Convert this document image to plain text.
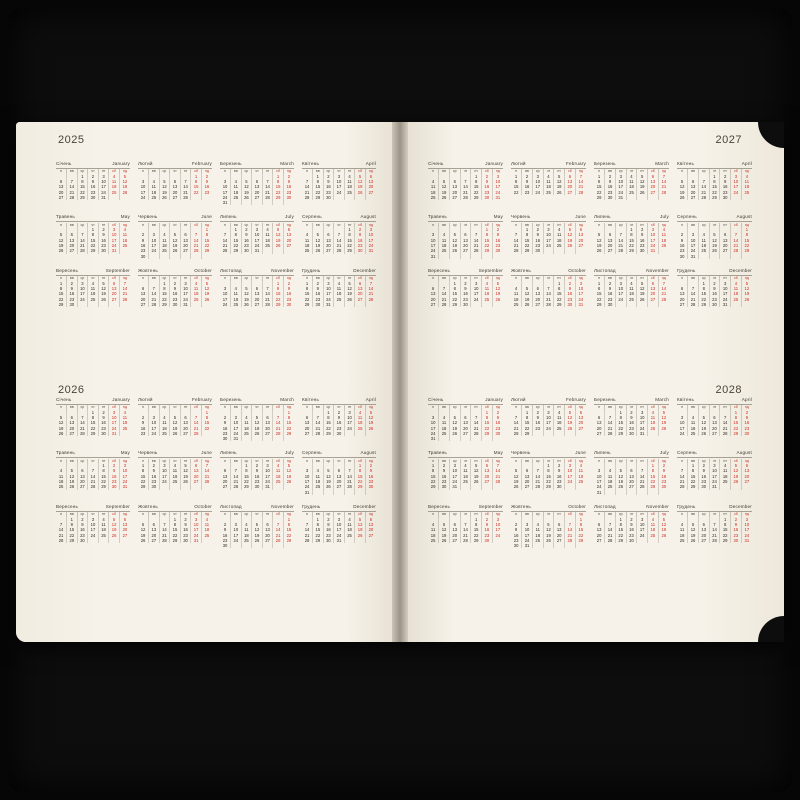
2025
Січень	January
п	вв	ср	чт	пт	сб	нд
		1	2	3	4	5
6	7	8	9	10	11	12
13	14	15	16	17	18	19
20	21	22	23	24	25	26
27	28	29	30	31		
Лютий	February
п	вв	ср	чт	пт	сб	нд
					1	2
3	4	5	6	7	8	9
10	11	12	13	14	15	16
17	18	19	20	21	22	23
24	25	26	27	28		
Березень	March
п	вв	ср	чт	пт	сб	нд
					1	2
3	4	5	6	7	8	9
10	11	12	13	14	15	16
17	18	19	20	21	22	23
24	25	26	27	28	29	30
31						
Квітень	April
п	вв	ср	чт	пт	сб	нд
	1	2	3	4	5	6
7	8	9	10	11	12	13
14	15	16	17	18	19	20
21	22	23	24	25	26	27
28	29	30				
Травень	May
п	вв	ср	чт	пт	сб	нд
			1	2	3	4
5	6	7	8	9	10	11
12	13	14	15	16	17	18
19	20	21	22	23	24	25
26	27	28	29	30	31	
Червень	June
п	вв	ср	чт	пт	сб	нд
						1
2	3	4	5	6	7	8
9	10	11	12	13	14	15
16	17	18	19	20	21	22
23	24	25	26	27	28	29
30						
Липень	July
п	вв	ср	чт	пт	сб	нд
	1	2	3	4	5	6
7	8	9	10	11	12	13
14	15	16	17	18	19	20
21	22	23	24	25	26	27
28	29	30	31			
Серпень	August
п	вв	ср	чт	пт	сб	нд
				1	2	3
4	5	6	7	8	9	10
11	12	13	14	15	16	17
18	19	20	21	22	23	24
25	26	27	28	29	30	31
Вересень	September
п	вв	ср	чт	пт	сб	нд
1	2	3	4	5	6	7
8	9	10	11	12	13	14
15	16	17	18	19	20	21
22	23	24	25	26	27	28
29	30					
Жовтень	October
п	вв	ср	чт	пт	сб	нд
		1	2	3	4	5
6	7	8	9	10	11	12
13	14	15	16	17	18	19
20	21	22	23	24	25	26
27	28	29	30	31		
Листопад	November
п	вв	ср	чт	пт	сб	нд
					1	2
3	4	5	6	7	8	9
10	11	12	13	14	15	16
17	18	19	20	21	22	23
24	25	26	27	28	29	30
Грудень	December
п	вв	ср	чт	пт	сб	нд
1	2	3	4	5	6	7
8	9	10	11	12	13	14
15	16	17	18	19	20	21
22	23	24	25	26	27	28
29	30	31				
2026
Січень	January
п	вв	ср	чт	пт	сб	нд
			1	2	3	4
5	6	7	8	9	10	11
12	13	14	15	16	17	18
19	20	21	22	23	24	25
26	27	28	29	30	31	
Лютий	February
п	вв	ср	чт	пт	сб	нд
						1
2	3	4	5	6	7	8
9	10	11	12	13	14	15
16	17	18	19	20	21	22
23	24	25	26	27	28	
Березень	March
п	вв	ср	чт	пт	сб	нд
						1
2	3	4	5	6	7	8
9	10	11	12	13	14	15
16	17	18	19	20	21	22
23	24	25	26	27	28	29
30	31					
Квітень	April
п	вв	ср	чт	пт	сб	нд
		1	2	3	4	5
6	7	8	9	10	11	12
13	14	15	16	17	18	19
20	21	22	23	24	25	26
27	28	29	30			
Травень	May
п	вв	ср	чт	пт	сб	нд
				1	2	3
4	5	6	7	8	9	10
11	12	13	14	15	16	17
18	19	20	21	22	23	24
25	26	27	28	29	30	31
Червень	June
п	вв	ср	чт	пт	сб	нд
1	2	3	4	5	6	7
8	9	10	11	12	13	14
15	16	17	18	19	20	21
22	23	24	25	26	27	28
29	30					
Липень	July
п	вв	ср	чт	пт	сб	нд
		1	2	3	4	5
6	7	8	9	10	11	12
13	14	15	16	17	18	19
20	21	22	23	24	25	26
27	28	29	30	31		
Серпень	August
п	вв	ср	чт	пт	сб	нд
					1	2
3	4	5	6	7	8	9
10	11	12	13	14	15	16
17	18	19	20	21	22	23
24	25	26	27	28	29	30
31						
Вересень	September
п	вв	ср	чт	пт	сб	нд
	1	2	3	4	5	6
7	8	9	10	11	12	13
14	15	16	17	18	19	20
21	22	23	24	25	26	27
28	29	30				
Жовтень	October
п	вв	ср	чт	пт	сб	нд
			1	2	3	4
5	6	7	8	9	10	11
12	13	14	15	16	17	18
19	20	21	22	23	24	25
26	27	28	29	30	31	
Листопад	November
п	вв	ср	чт	пт	сб	нд
						1
2	3	4	5	6	7	8
9	10	11	12	13	14	15
16	17	18	19	20	21	22
23	24	25	26	27	28	29
30						
Грудень	December
п	вв	ср	чт	пт	сб	нд
	1	2	3	4	5	6
7	8	9	10	11	12	13
14	15	16	17	18	19	20
21	22	23	24	25	26	27
28	29	30	31			
2027
Січень	January
п	вв	ср	чт	пт	сб	нд
				1	2	3
4	5	6	7	8	9	10
11	12	13	14	15	16	17
18	19	20	21	22	23	24
25	26	27	28	29	30	31
Лютий	February
п	вв	ср	чт	пт	сб	нд
1	2	3	4	5	6	7
8	9	10	11	12	13	14
15	16	17	18	19	20	21
22	23	24	25	26	27	28
Березень	March
п	вв	ср	чт	пт	сб	нд
1	2	3	4	5	6	7
8	9	10	11	12	13	14
15	16	17	18	19	20	21
22	23	24	25	26	27	28
29	30	31				
Квітень	April
п	вв	ср	чт	пт	сб	нд
			1	2	3	4
5	6	7	8	9	10	11
12	13	14	15	16	17	18
19	20	21	22	23	24	25
26	27	28	29	30		
Травень	May
п	вв	ср	чт	пт	сб	нд
					1	2
3	4	5	6	7	8	9
10	11	12	13	14	15	16
17	18	19	20	21	22	23
24	25	26	27	28	29	30
31						
Червень	June
п	вв	ср	чт	пт	сб	нд
	1	2	3	4	5	6
7	8	9	10	11	12	13
14	15	16	17	18	19	20
21	22	23	24	25	26	27
28	29	30				
Липень	July
п	вв	ср	чт	пт	сб	нд
			1	2	3	4
5	6	7	8	9	10	11
12	13	14	15	16	17	18
19	20	21	22	23	24	25
26	27	28	29	30	31	
Серпень	August
п	вв	ср	чт	пт	сб	нд
						1
2	3	4	5	6	7	8
9	10	11	12	13	14	15
16	17	18	19	20	21	22
23	24	25	26	27	28	29
30	31					
Вересень	September
п	вв	ср	чт	пт	сб	нд
		1	2	3	4	5
6	7	8	9	10	11	12
13	14	15	16	17	18	19
20	21	22	23	24	25	26
27	28	29	30			
Жовтень	October
п	вв	ср	чт	пт	сб	нд
				1	2	3
4	5	6	7	8	9	10
11	12	13	14	15	16	17
18	19	20	21	22	23	24
25	26	27	28	29	30	31
Листопад	November
п	вв	ср	чт	пт	сб	нд
1	2	3	4	5	6	7
8	9	10	11	12	13	14
15	16	17	18	19	20	21
22	23	24	25	26	27	28
29	30					
Грудень	December
п	вв	ср	чт	пт	сб	нд
		1	2	3	4	5
6	7	8	9	10	11	12
13	14	15	16	17	18	19
20	21	22	23	24	25	26
27	28	29	30	31		
2028
Січень	January
п	вв	ср	чт	пт	сб	нд
					1	2
3	4	5	6	7	8	9
10	11	12	13	14	15	16
17	18	19	20	21	22	23
24	25	26	27	28	29	30
31						
Лютий	February
п	вв	ср	чт	пт	сб	нд
	1	2	3	4	5	6
7	8	9	10	11	12	13
14	15	16	17	18	19	20
21	22	23	24	25	26	27
28	29					
Березень	March
п	вв	ср	чт	пт	сб	нд
		1	2	3	4	5
6	7	8	9	10	11	12
13	14	15	16	17	18	19
20	21	22	23	24	25	26
27	28	29	30	31		
Квітень	April
п	вв	ср	чт	пт	сб	нд
					1	2
3	4	5	6	7	8	9
10	11	12	13	14	15	16
17	18	19	20	21	22	23
24	25	26	27	28	29	30
Травень	May
п	вв	ср	чт	пт	сб	нд
1	2	3	4	5	6	7
8	9	10	11	12	13	14
15	16	17	18	19	20	21
22	23	24	25	26	27	28
29	30	31				
Червень	June
п	вв	ср	чт	пт	сб	нд
			1	2	3	4
5	6	7	8	9	10	11
12	13	14	15	16	17	18
19	20	21	22	23	24	25
26	27	28	29	30		
Липень	July
п	вв	ср	чт	пт	сб	нд
					1	2
3	4	5	6	7	8	9
10	11	12	13	14	15	16
17	18	19	20	21	22	23
24	25	26	27	28	29	30
31						
Серпень	August
п	вв	ср	чт	пт	сб	нд
	1	2	3	4	5	6
7	8	9	10	11	12	13
14	15	16	17	18	19	20
21	22	23	24	25	26	27
28	29	30	31			
Вересень	September
п	вв	ср	чт	пт	сб	нд
				1	2	3
4	5	6	7	8	9	10
11	12	13	14	15	16	17
18	19	20	21	22	23	24
25	26	27	28	29	30	
Жовтень	October
п	вв	ср	чт	пт	сб	нд
						1
2	3	4	5	6	7	8
9	10	11	12	13	14	15
16	17	18	19	20	21	22
23	24	25	26	27	28	29
30	31					
Листопад	November
п	вв	ср	чт	пт	сб	нд
		1	2	3	4	5
6	7	8	9	10	11	12
13	14	15	16	17	18	19
20	21	22	23	24	25	26
27	28	29	30			
Грудень	December
п	вв	ср	чт	пт	сб	нд
				1	2	3
4	5	6	7	8	9	10
11	12	13	14	15	16	17
18	19	20	21	22	23	24
25	26	27	28	29	30	31
